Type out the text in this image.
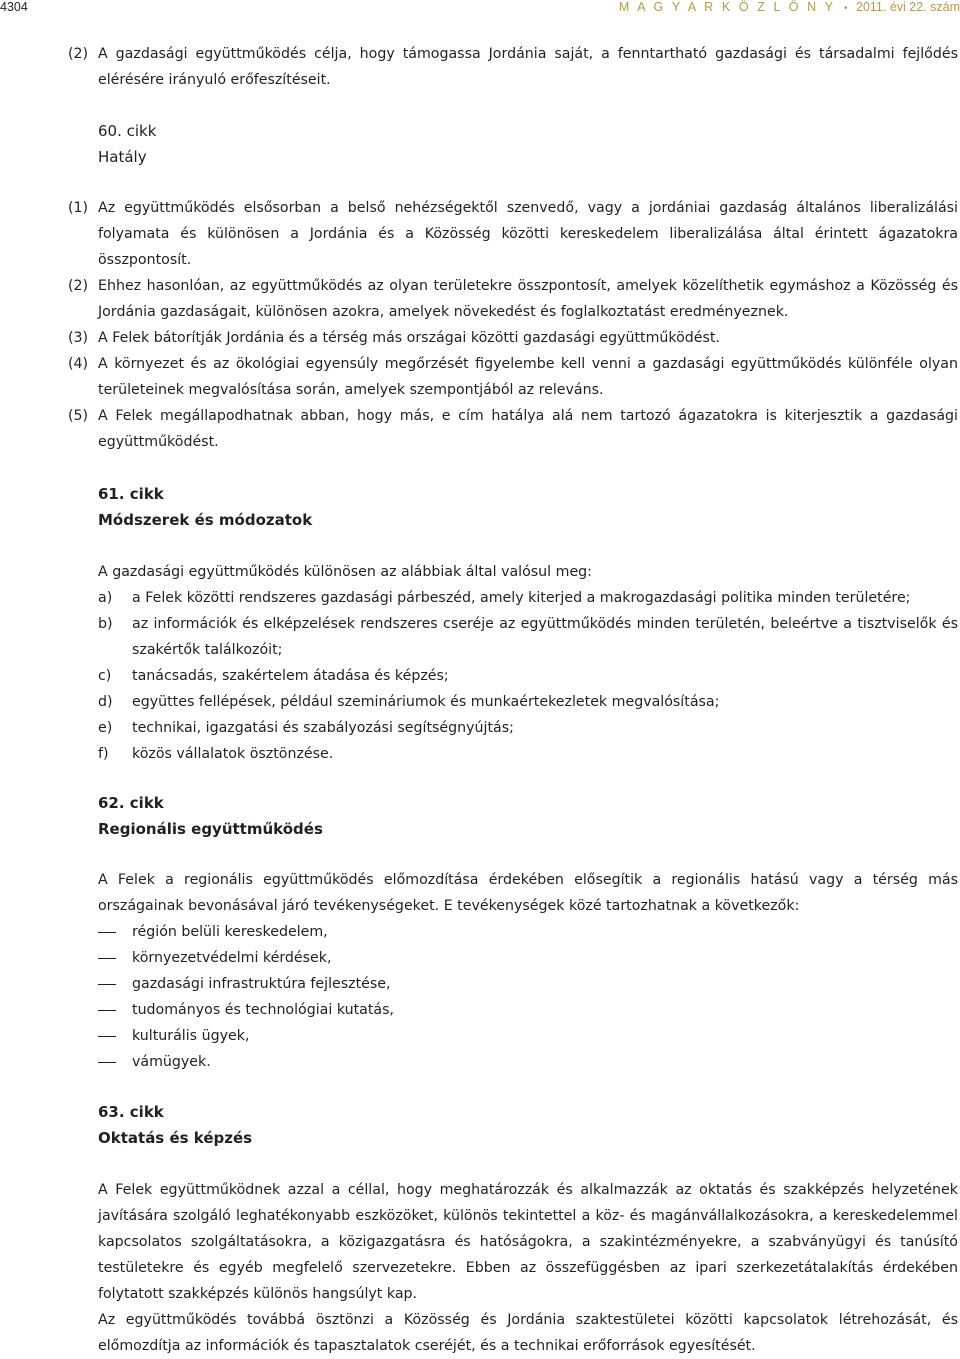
4304	M A G Y A R K Ö Z L Ö N Y • 2011. évi 22. szám
(2) A gazdasági együttműködés célja, hogy támogassa Jordánia saját, a fenntartható gazdasági és társadalmi fejlődés elérésére irányuló erőfeszítéseit.
60. cikk
Hatály
(1) Az együttműködés elsősorban a belső nehézségektől szenvedő, vagy a jordániai gazdaság általános liberalizálási folyamata és különösen a Jordánia és a Közösség közötti kereskedelem liberalizálása által érintett ágazatokra összpontosít.
(2) Ehhez hasonlóan, az együttműködés az olyan területekre összpontosít, amelyek közelíthetik egymáshoz a Közösség és Jordánia gazdaságait, különösen azokra, amelyek növekedést és foglalkoztatást eredményeznek.
(3) A Felek bátorítják Jordánia és a térség más országai közötti gazdasági együttműködést.
(4) A környezet és az ökológiai egyensúly megőrzését figyelembe kell venni a gazdasági együttműködés különféle olyan területeinek megvalósítása során, amelyek szempontjából az releváns.
(5) A Felek megállapodhatnak abban, hogy más, e cím hatálya alá nem tartozó ágazatokra is kiterjesztik a gazdasági együttműködést.
61. cikk
Módszerek és módozatok
A gazdasági együttműködés különösen az alábbiak által valósul meg:
a) a Felek közötti rendszeres gazdasági párbeszéd, amely kiterjed a makrogazdasági politika minden területére;
b) az információk és elképzelések rendszeres cseréje az együttműködés minden területén, beleértve a tisztviselők és szakértők találkozóit;
c) tanácsadás, szakértelem átadása és képzés;
d) együttes fellépések, például szemináriumok és munkaértekezletek megvalósítása;
e) technikai, igazgatási és szabályozási segítségnyújtás;
f) közös vállalatok ösztönzése.
62. cikk
Regionális együttműködés
A Felek a regionális együttműködés előmozdítása érdekében elősegítik a regionális hatású vagy a térség más országainak bevonásával járó tevékenységeket. E tevékenységek közé tartozhatnak a következők:
régión belüli kereskedelem,
környezetvédelmi kérdések,
gazdasági infrastruktúra fejlesztése,
tudományos és technológiai kutatás,
kulturális ügyek,
vámügyek.
63. cikk
Oktatás és képzés
A Felek együttműködnek azzal a céllal, hogy meghatározzák és alkalmazzák az oktatás és szakképzés helyzetének javítására szolgáló leghatékonyabb eszközöket, különös tekintettel a köz- és magánvállalkozásokra, a kereskedelemmel kapcsolatos szolgáltatásokra, a közigazgatásra és hatóságokra, a szakintézményekre, a szabványügyi és tanúsító testületekre és egyéb megfelelő szervezetekre. Ebben az összefüggésben az ipari szerkezetátalakítás érdekében folytatott szakképzés különös hangsúlyt kap.
Az együttműködés továbbá ösztönzi a Közösség és Jordánia szaktestületei közötti kapcsolatok létrehozását, és előmozdítja az információk és tapasztalatok cseréjét, és a technikai erőforrások egyesítését.
